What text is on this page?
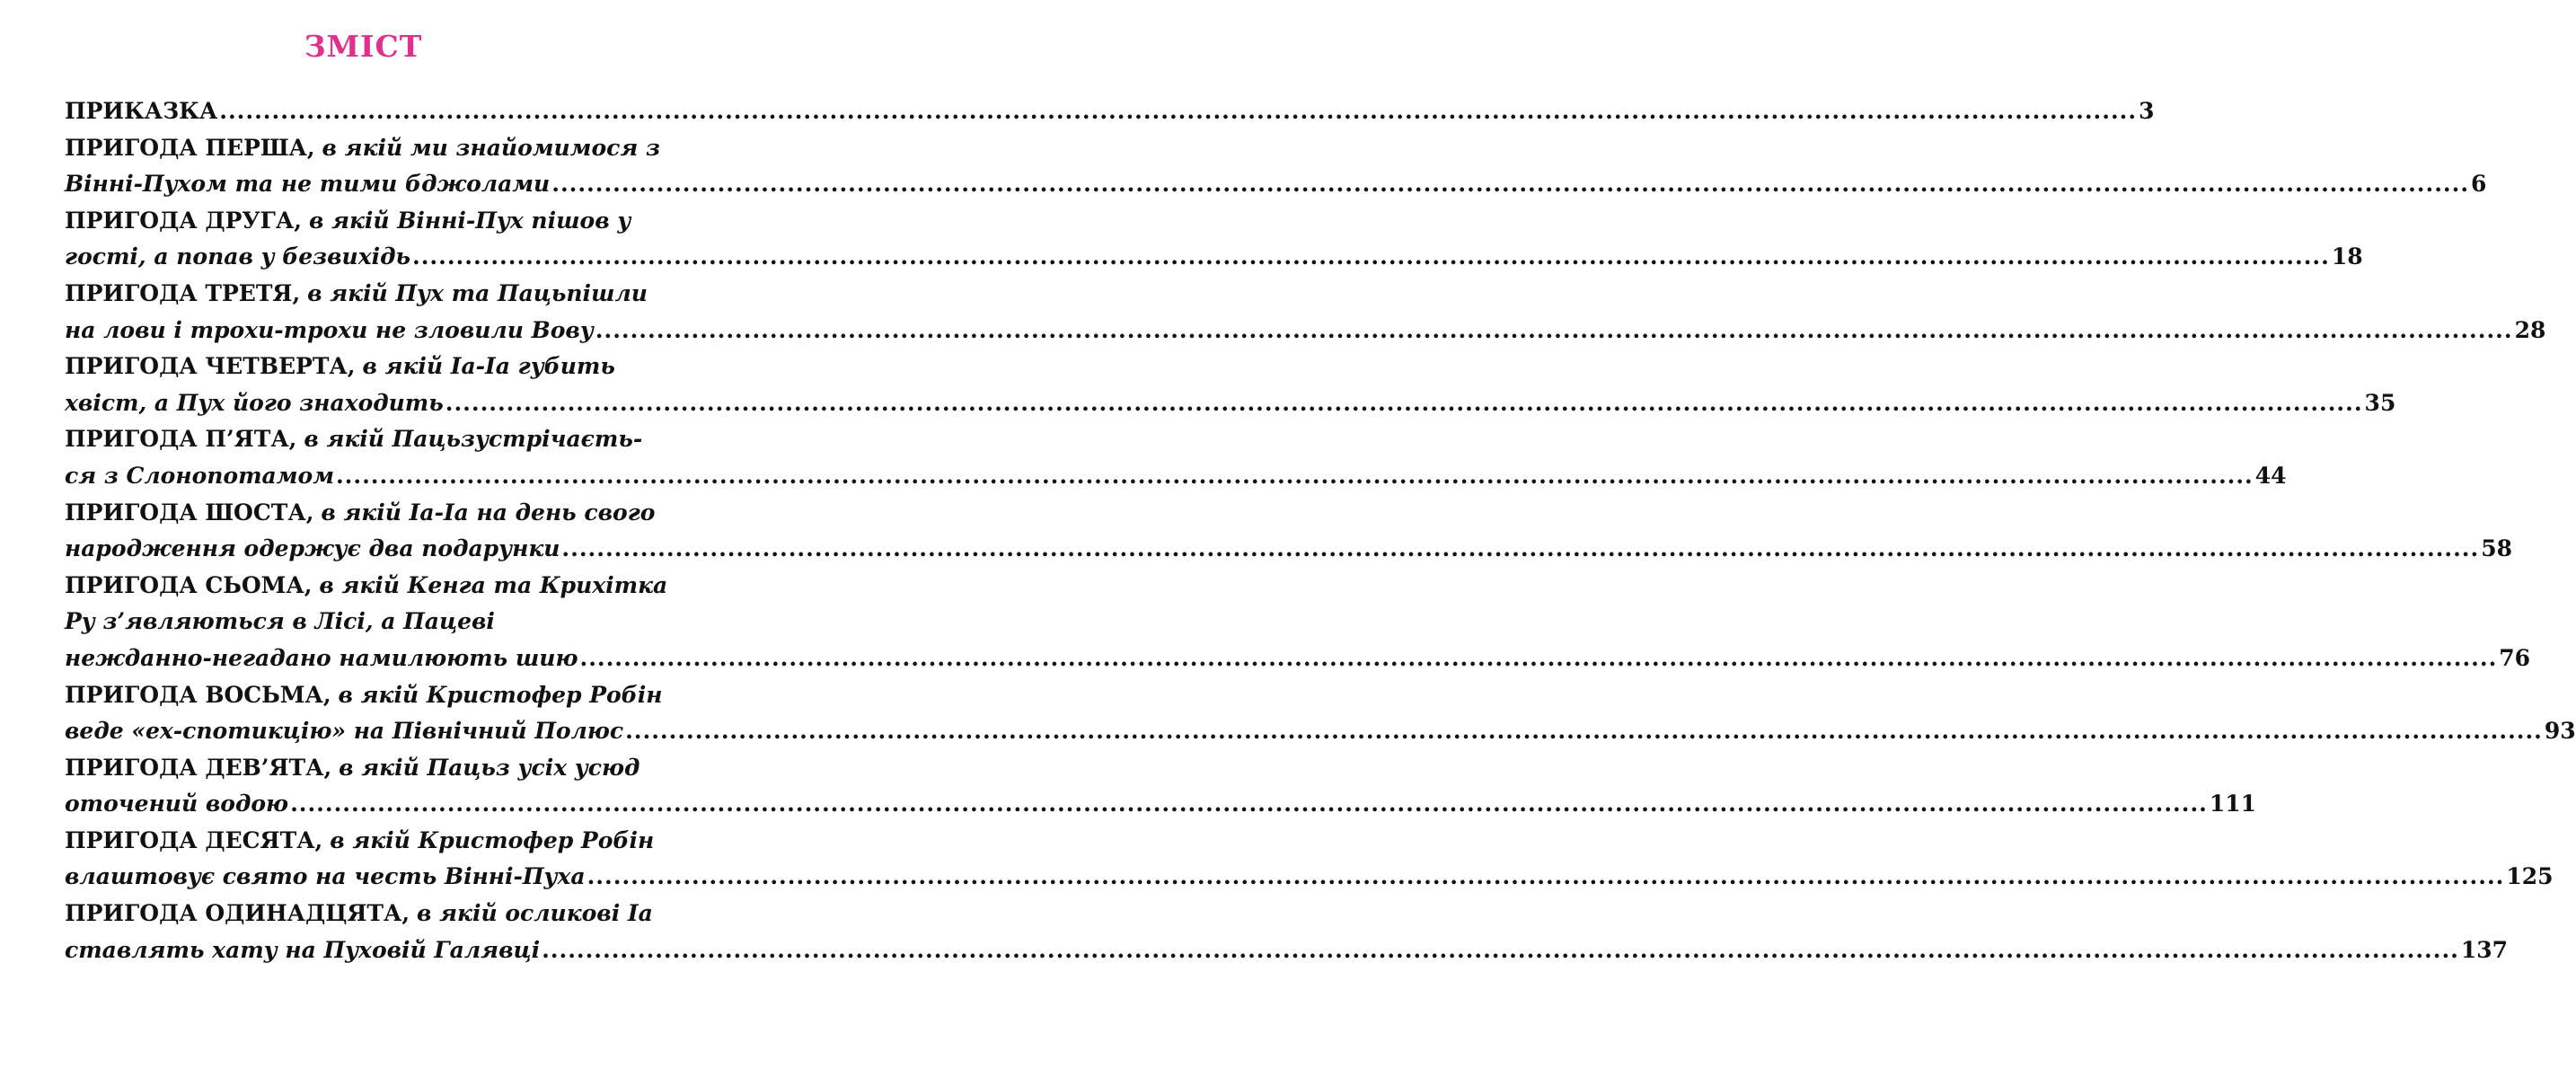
ЗМІСТ
ПРИКАЗКА ............................................................................................................................................................................................................................ 3
ПРИГОДА ПЕРША,
в якій ми знайомимося з
Вінні-Пухом та не тими бджолами ............................................................................................................................................................................................................................ 6
ПРИГОДА ДРУГА,
в якій Вінні-Пух пішов у
гості, а попав у безвихідь ............................................................................................................................................................................................................................ 18
ПРИГОДА ТРЕТЯ,
в якій Пух та Пацьпішли
на лови і трохи-трохи не зловили Вову ............................................................................................................................................................................................................................ 28
ПРИГОДА ЧЕТВЕРТА,
в якій Іа-Іа губить
хвіст, а Пух його знаходить ............................................................................................................................................................................................................................ 35
ПРИГОДА П’ЯТА,
в якій Пацьзустрічаєть-
ся з Слонопотамом ............................................................................................................................................................................................................................ 44
ПРИГОДА ШОСТА,
в якій Іа-Іа на день свого
народження одержує два подарунки ............................................................................................................................................................................................................................ 58
ПРИГОДА СЬОМА,
в якій Кенга та Крихітка
Ру з’являються в Лісі, а Пацеві
нежданно-негадано намилюють шию ............................................................................................................................................................................................................................ 76
ПРИГОДА ВОСЬМА,
в якій Кристофер Робін
веде «ех-спотикцію» на Північний Полюс ............................................................................................................................................................................................................................ 93
ПРИГОДА ДЕВ’ЯТА,
в якій Пацьз усіх усюд
оточений водою ............................................................................................................................................................................................................................ 111
ПРИГОДА ДЕСЯТА,
в якій Кристофер Робін
влаштовує свято на честь Вінні-Пуха ............................................................................................................................................................................................................................ 125
ПРИГОДА ОДИНАДЦЯТА,
в якій осликові Іа
ставлять хату на Пуховій Галявці ............................................................................................................................................................................................................................ 137
